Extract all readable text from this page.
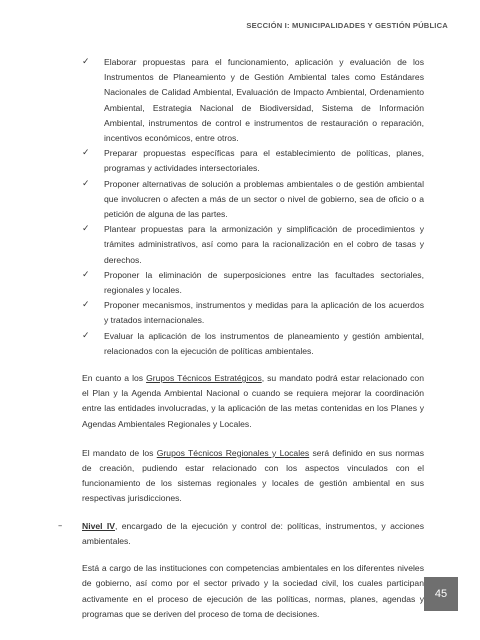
SECCIÓN I: MUNICIPALIDADES Y GESTIÓN PÚBLICA
✓ Elaborar propuestas para el funcionamiento, aplicación y evaluación de los Instrumentos de Planeamiento y de Gestión Ambiental tales como Estándares Nacionales de Calidad Ambiental, Evaluación de Impacto Ambiental, Ordenamiento Ambiental, Estrategia Nacional de Biodiversidad, Sistema de Información Ambiental, instrumentos de control e instrumentos de restauración o reparación, incentivos económicos, entre otros.
✓ Preparar propuestas específicas para el establecimiento de políticas, planes, programas y actividades intersectoriales.
✓ Proponer alternativas de solución a problemas ambientales o de gestión ambiental que involucren o afecten a más de un sector o nivel de gobierno, sea de oficio o a petición de alguna de las partes.
✓ Plantear propuestas para la armonización y simplificación de procedimientos y trámites administrativos, así como para la racionalización en el cobro de tasas y derechos.
✓ Proponer la eliminación de superposiciones entre las facultades sectoriales, regionales y locales.
✓ Proponer mecanismos, instrumentos y medidas para la aplicación de los acuerdos y tratados internacionales.
✓ Evaluar la aplicación de los instrumentos de planeamiento y gestión ambiental, relacionados con la ejecución de políticas ambientales.

En cuanto a los Grupos Técnicos Estratégicos, su mandato podrá estar relacionado con el Plan y la Agenda Ambiental Nacional o cuando se requiera mejorar la coordinación entre las entidades involucradas, y la aplicación de las metas contenidas en los Planes y Agendas Ambientales Regionales y Locales.

El mandato de los Grupos Técnicos Regionales y Locales será definido en sus normas de creación, pudiendo estar relacionado con los aspectos vinculados con el funcionamiento de los sistemas regionales y locales de gestión ambiental en sus respectivas jurisdicciones.

– Nivel IV, encargado de la ejecución y control de: políticas, instrumentos, y acciones ambientales.

Está a cargo de las instituciones con competencias ambientales en los diferentes niveles de gobierno, así como por el sector privado y la sociedad civil, los cuales participan activamente en el proceso de ejecución de las políticas, normas, planes, agendas y programas que se deriven del proceso de toma de decisiones.

45
